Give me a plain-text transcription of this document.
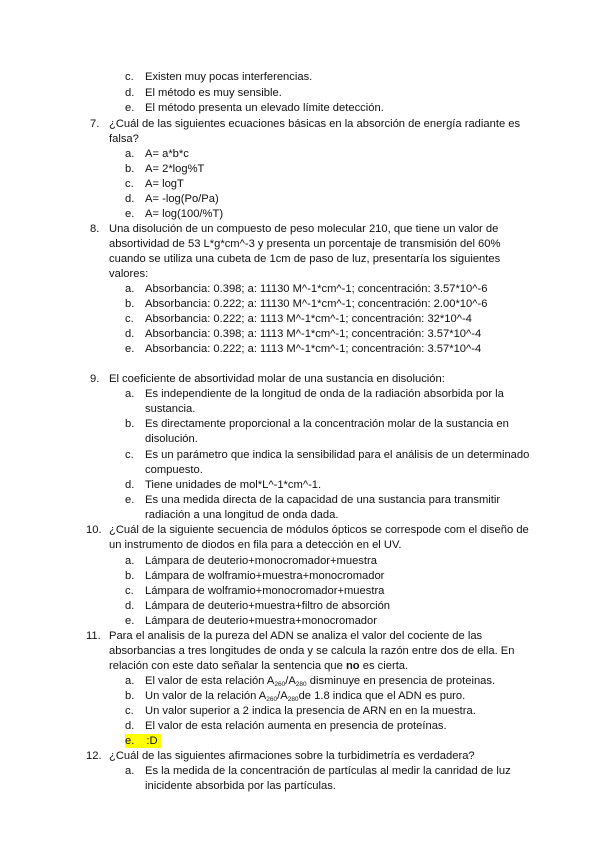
c. Existen muy pocas interferencias.
d. El método es muy sensible.
e. El método presenta un elevado límite detección.
7. ¿Cuál de las siguientes ecuaciones básicas en la absorción de energía radiante es
falsa?
a. A= a*b*c
b. A= 2*log%T
c. A= logT
d. A= -log(Po/Pa)
e. A= log(100/%T)
8. Una disolución de un compuesto de peso molecular 210, que tiene un valor de
absortividad de 53 L*g*cm^-3 y presenta un porcentaje de transmisión del 60%
cuando se utiliza una cubeta de 1cm de paso de luz, presentaría los siguientes
valores:
a. Absorbancia: 0.398; a: 11130 M^-1*cm^-1; concentración: 3.57*10^-6
b. Absorbancia: 0.222; a: 11130 M^-1*cm^-1; concentración: 2.00*10^-6
c. Absorbancia: 0.222; a: 1113 M^-1*cm^-1; concentración: 32*10^-4
d. Absorbancia: 0.398; a: 1113 M^-1*cm^-1; concentración: 3.57*10^-4
e. Absorbancia: 0.222; a: 1113 M^-1*cm^-1; concentración: 3.57*10^-4
9. El coeficiente de absortividad molar de una sustancia en disolución:
a. Es independiente de la longitud de onda de la radiación absorbida por la
sustancia.
b. Es directamente proporcional a la concentración molar de la sustancia en
disolución.
c. Es un parámetro que indica la sensibilidad para el análisis de un determinado
compuesto.
d. Tiene unidades de mol*L^-1*cm^-1.
e. Es una medida directa de la capacidad de una sustancia para transmitir
radiación a una longitud de onda dada.
10. ¿Cuál de la siguiente secuencia de módulos ópticos se correspode com el diseño de
un instrumento de diodos en fila para a detección en el UV.
a. Lámpara de deuterio+monocromador+muestra
b. Lámpara de wolframio+muestra+monocromador
c. Lámpara de wolframio+monocromador+muestra
d. Lámpara de deuterio+muestra+filtro de absorción
e. Lámpara de deuterio+muestra+monocromador
11. Para el analisis de la pureza del ADN se analiza el valor del cociente de las
absorbancias a tres longitudes de onda y se calcula la razón entre dos de ella. En
relación con este dato señalar la sentencia que no es cierta.
a. El valor de esta relación $A_{260}/A_{280}$ disminuye en presencia de proteinas.
b. Un valor de la relación $A_{260}/A_{280}de$ 1.8 indica que el ADN es puro.
c. Un valor superior a 2 indica la presencia de ARN en en la muestra.
d. El valor de esta relación aumenta en presencia de proteínas.
e. :D
12. ¿Cuál de las siguientes afirmaciones sobre la turbidimetría es verdadera?
a. Es la medida de la concentración de partículas al medir la canridad de luz
inicidente absorbida por las partículas.
